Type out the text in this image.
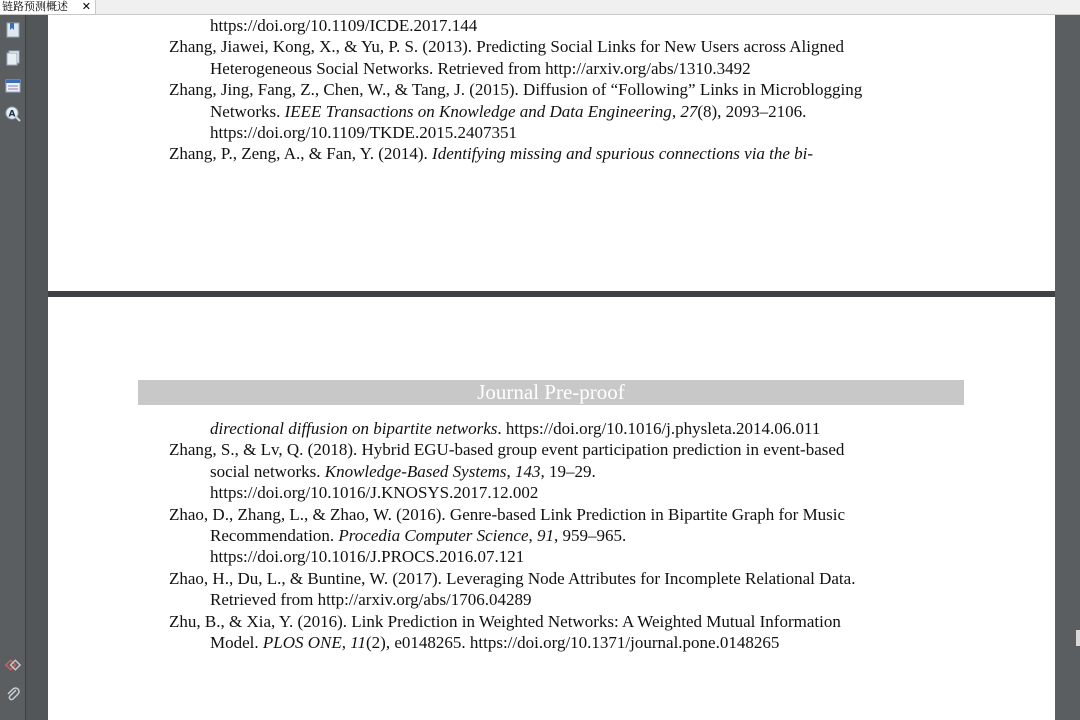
链路预测概述 ✕
A

https://doi.org/10.1109/ICDE.2017.144

Zhang, Jiawei, Kong, X., & Yu, P. S. (2013). Predicting Social Links for New Users across Aligned
Heterogeneous Social Networks. Retrieved from http://arxiv.org/abs/1310.3492

Zhang, Jing, Fang, Z., Chen, W., & Tang, J. (2015). Diffusion of “Following” Links in Microblogging
Networks. IEEE Transactions on Knowledge and Data Engineering, 27(8), 2093–2106.
https://doi.org/10.1109/TKDE.2015.2407351

Zhang, P., Zeng, A., & Fan, Y. (2014). Identifying missing and spurious connections via the bi-

Journal Pre-proof

directional diffusion on bipartite networks. https://doi.org/10.1016/j.physleta.2014.06.011

Zhang, S., & Lv, Q. (2018). Hybrid EGU-based group event participation prediction in event-based
social networks. Knowledge-Based Systems, 143, 19–29.
https://doi.org/10.1016/J.KNOSYS.2017.12.002

Zhao, D., Zhang, L., & Zhao, W. (2016). Genre-based Link Prediction in Bipartite Graph for Music
Recommendation. Procedia Computer Science, 91, 959–965.
https://doi.org/10.1016/J.PROCS.2016.07.121

Zhao, H., Du, L., & Buntine, W. (2017). Leveraging Node Attributes for Incomplete Relational Data.
Retrieved from http://arxiv.org/abs/1706.04289

Zhu, B., & Xia, Y. (2016). Link Prediction in Weighted Networks: A Weighted Mutual Information
Model. PLOS ONE, 11(2), e0148265. https://doi.org/10.1371/journal.pone.0148265
